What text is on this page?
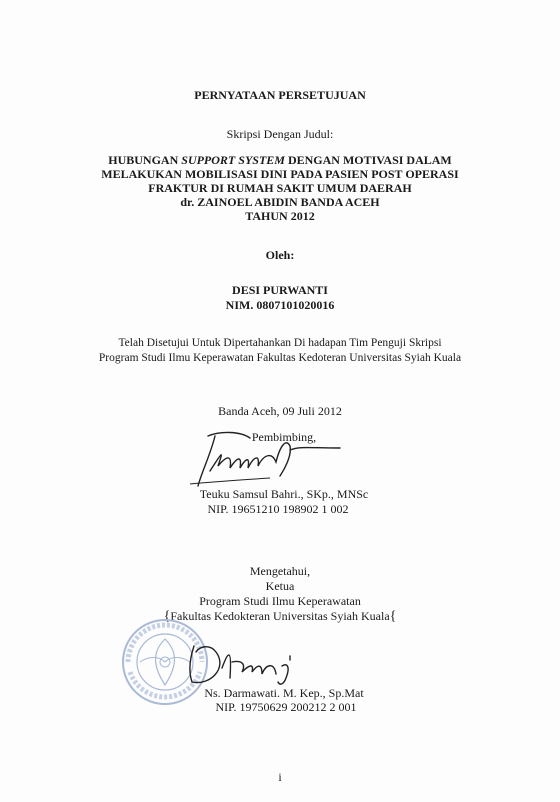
PERNYATAAN PERSETUJUAN
Skripsi Dengan Judul:
HUBUNGAN SUPPORT SYSTEM DENGAN MOTIVASI DALAM
MELAKUKAN MOBILISASI DINI PADA PASIEN POST OPERASI
FRAKTUR DI RUMAH SAKIT UMUM DAERAH
dr. ZAINOEL ABIDIN BANDA ACEH
TAHUN 2012
Oleh:
DESI PURWANTI
NIM. 0807101020016
Telah Disetujui Untuk Dipertahankan Di hadapan Tim Penguji Skripsi
Program Studi Ilmu Keperawatan Fakultas Kedoteran Universitas Syiah Kuala
Banda Aceh, 09 Juli 2012
Pembimbing,
Teuku Samsul Bahri., SKp., MNSc
NIP. 19651210 198902 1 002
Mengetahui,
Ketua
Program Studi Ilmu Keperawatan
{Fakultas Kedokteran Universitas Syiah Kuala{
Ns. Darmawati. M. Kep., Sp.Mat
NIP. 19750629 200212 2 001
i
